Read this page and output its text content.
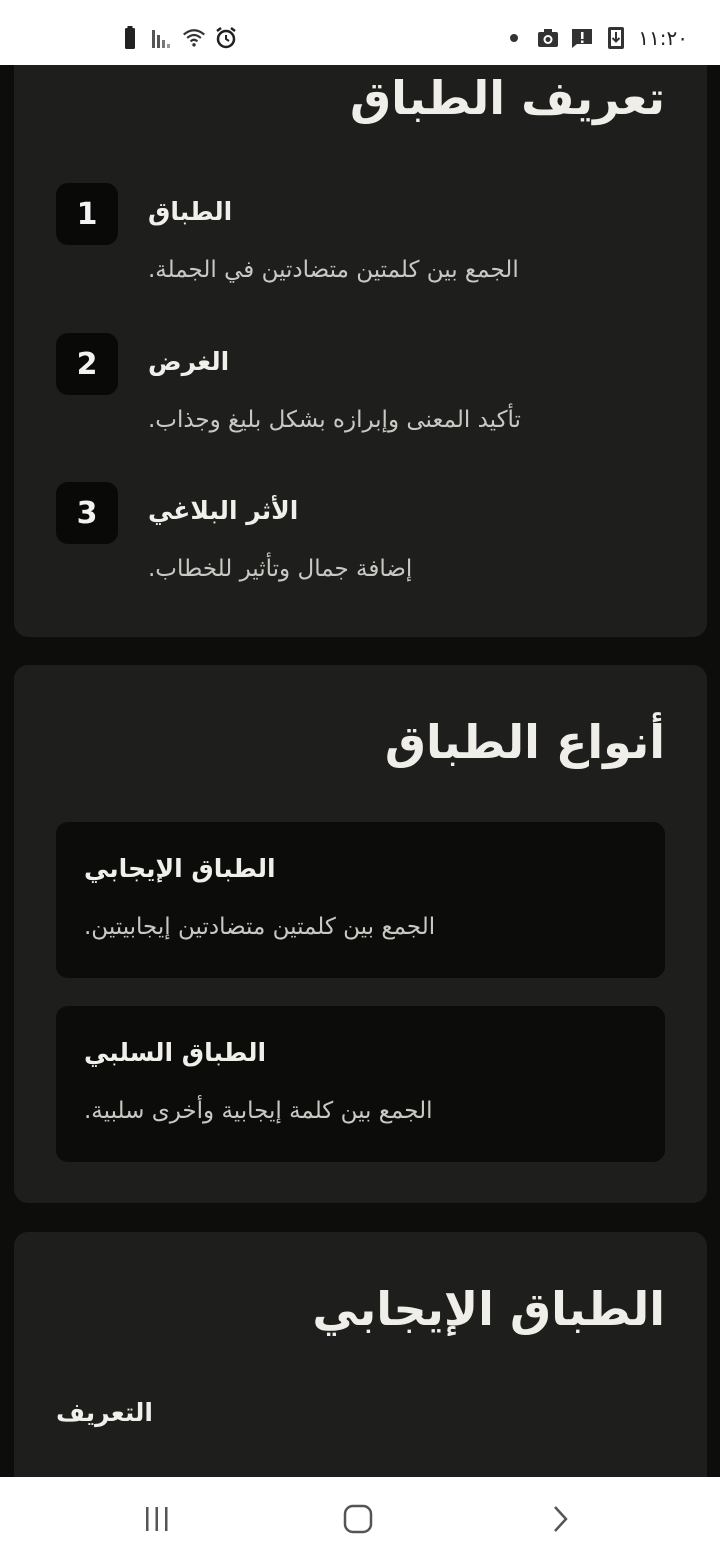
١١:٢٠
تعريف الطباق
1	الطباق
الجمع بين كلمتين متضادتين في الجملة.
2	الغرض
تأكيد المعنى وإبرازه بشكل بليغ وجذاب.
3	الأثر البلاغي
إضافة جمال وتأثير للخطاب.
أنواع الطباق
الطباق الإيجابي
الجمع بين كلمتين متضادتين إيجابيتين.
الطباق السلبي
الجمع بين كلمة إيجابية وأخرى سلبية.
الطباق الإيجابي
التعريف
